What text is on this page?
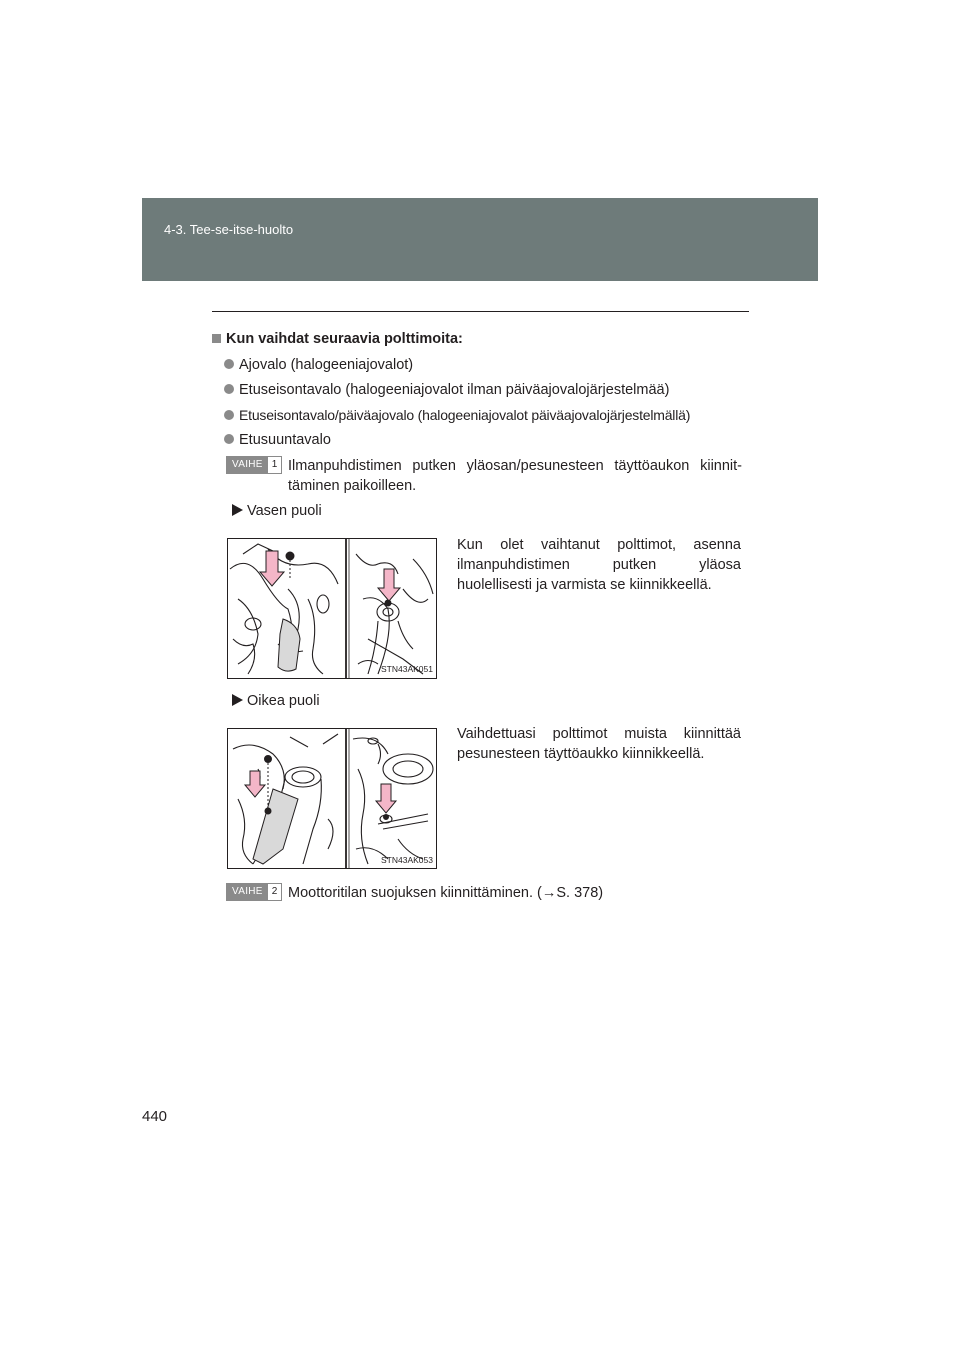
4-3. Tee-se-itse-huolto
Kun vaihdat seuraavia polttimoita:
Ajovalo (halogeeniajovalot)
Etuseisontavalo (halogeeniajovalot ilman päiväajovalojärjestelmää)
Etuseisontavalo/päiväajovalo (halogeeniajovalot päiväajovalojärjestelmällä)
Etusuuntavalo
VAIHE 1 Ilmanpuhdistimen putken yläosan/pesunesteen täyttöaukon kiinnit-
täminen paikoilleen.
Vasen puoli
STN43AK051
Kun olet vaihtanut polttimot, asenna ilmanpuhdistimen putken yläosa huolellisesti ja varmista se kiinnikkeellä.
Oikea puoli
STN43AK053
Vaihdettuasi polttimot muista kiinnittää pesunesteen täyttöaukko kiinnikkeellä.
VAIHE 2 Moottoritilan suojuksen kiinnittäminen. (→S. 378)
440
